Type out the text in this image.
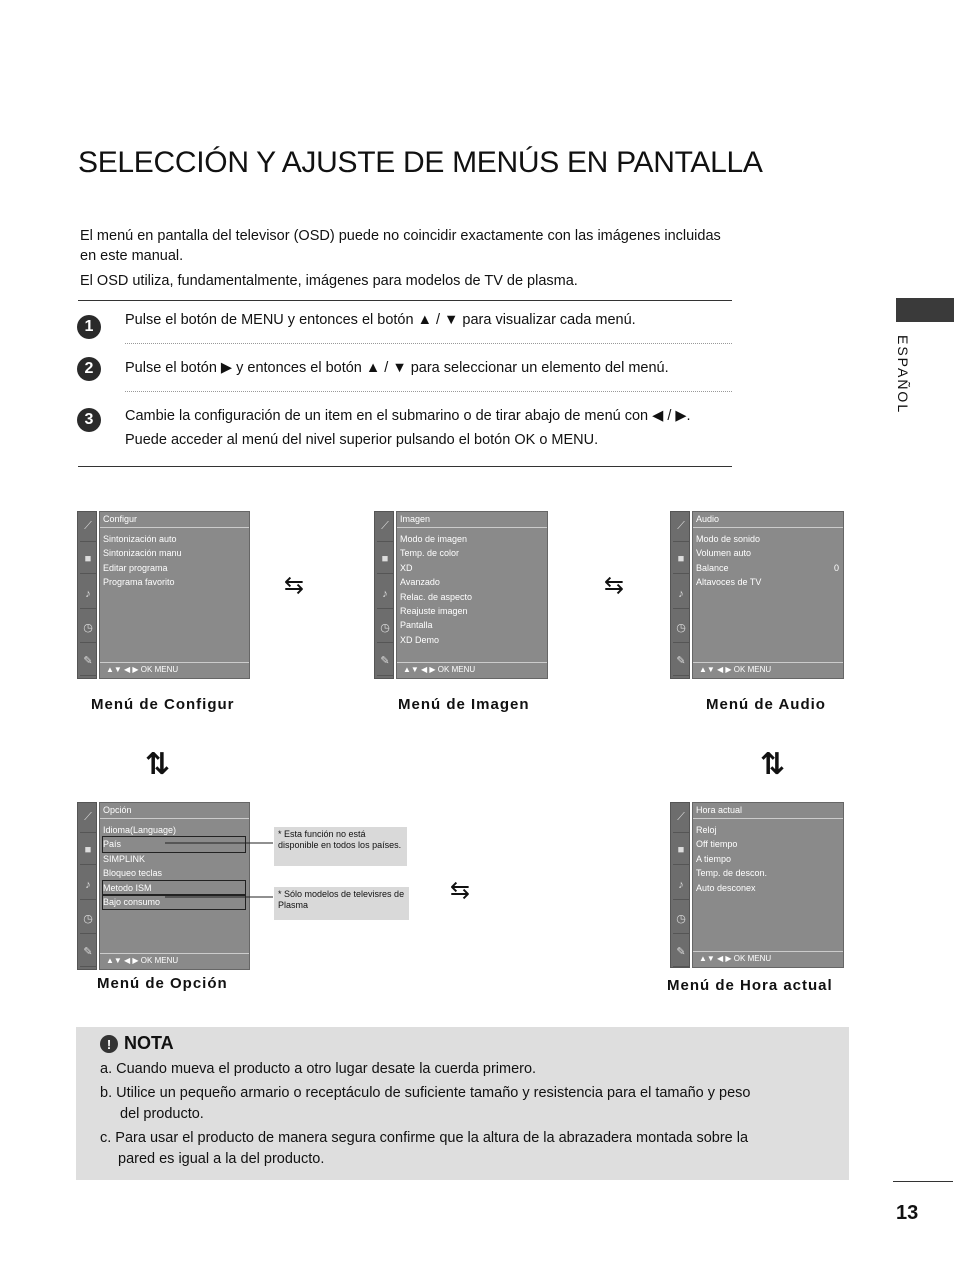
SELECCIÓN Y AJUSTE DE MENÚS EN PANTALLA
El menú en pantalla del televisor (OSD) puede no coincidir exactamente con las imágenes incluidas en este manual.
El OSD utiliza, fundamentalmente, imágenes para modelos de TV de plasma.
1	Pulse el botón de MENU y entonces el botón ▲ / ▼ para visualizar cada menú.
2	Pulse el botón ▶ y entonces el botón ▲ / ▼ para seleccionar un elemento del menú.
3	Cambie la configuración de un item en el submarino o de tirar abajo de menú con ◀ / ▶.
Puede acceder al menú del nivel superior pulsando el botón OK o MENU.
ESPAÑOL
⟋
■
♪
◷
✎
Configur
Sintonización auto
Sintonización manu
Editar programa
Programa favorito
▲▼ ◀ ▶ OK MENU
Menú de Configur
⟋
■
♪
◷
✎
Imagen
Modo de imagen
Temp. de color
XD
Avanzado
Relac. de aspecto
Reajuste imagen
Pantalla
XD Demo
▲▼ ◀ ▶ OK MENU
Menú de Imagen
⟋
■
♪
◷
✎
Audio
Modo de sonido
Volumen auto
Balance	0
Altavoces de TV
▲▼ ◀ ▶ OK MENU
Menú de Audio
⇆	⇆
⇆
⇅	⇅
⟋
■
♪
◷
✎
Opción
Idioma(Language)
País
SIMPLINK
Bloqueo teclas
Metodo ISM
Bajo consumo
▲▼ ◀ ▶ OK MENU
Menú de Opción
* Esta función no está disponible en todos los países.
* Sólo modelos de televisres de Plasma
⟋
■
♪
◷
✎
Hora actual
Reloj
Off tiempo
A tiempo
Temp. de descon.
Auto desconex
▲▼ ◀ ▶ OK MENU
Menú de Hora actual
! NOTA
a. Cuando mueva el producto a otro lugar desate la cuerda primero.
b. Utilice un pequeño armario o receptáculo de suficiente tamaño y resistencia para el tamaño y peso
del producto.
c. Para usar el producto de manera segura confirme que la altura de la abrazadera montada sobre la
pared es igual a la del producto.
13
